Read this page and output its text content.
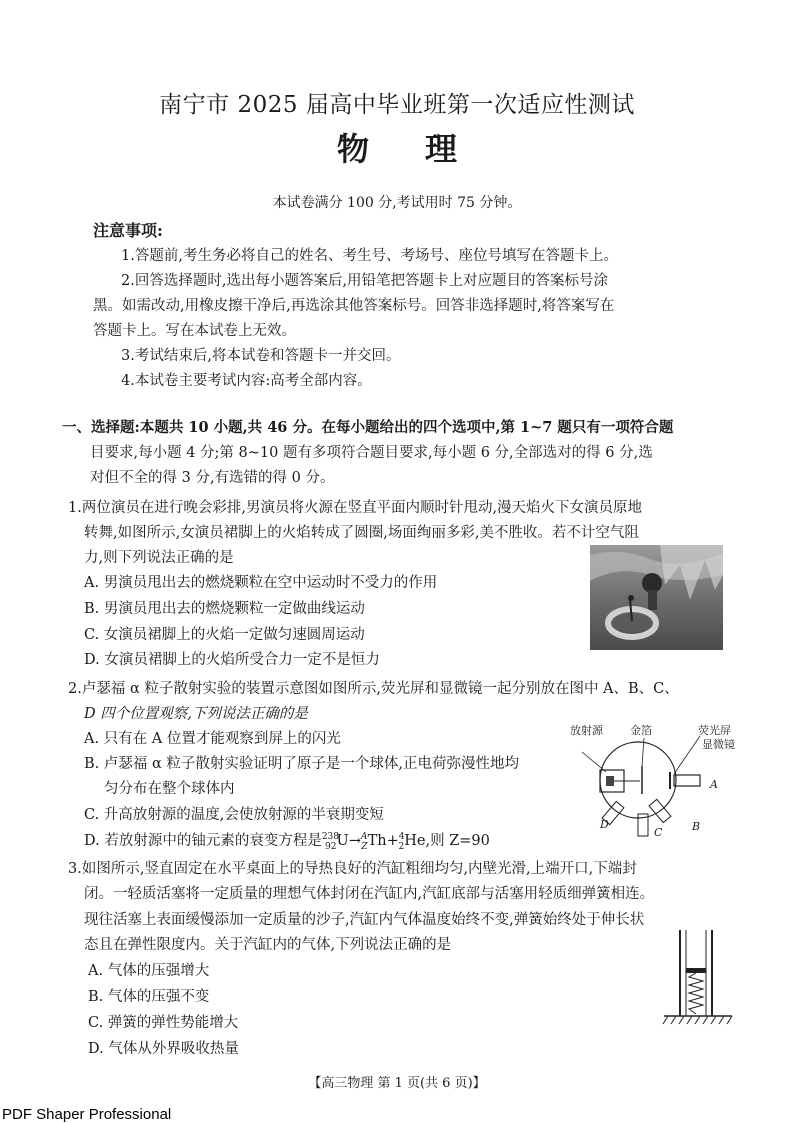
南宁市 2025 届高中毕业班第一次适应性测试
物理
本试卷满分 100 分,考试用时 75 分钟。
注意事项:
1.答题前,考生务必将自己的姓名、考生号、考场号、座位号填写在答题卡上。
2.回答选择题时,选出每小题答案后,用铅笔把答题卡上对应题目的答案标号涂
黑。如需改动,用橡皮擦干净后,再选涂其他答案标号。回答非选择题时,将答案写在
答题卡上。写在本试卷上无效。
3.考试结束后,将本试卷和答题卡一并交回。
4.本试卷主要考试内容:高考全部内容。
一、选择题:本题共 10 小题,共 46 分。在每小题给出的四个选项中,第 1~7 题只有一项符合题
目要求,每小题 4 分;第 8~10 题有多项符合题目要求,每小题 6 分,全部选对的得 6 分,选
对但不全的得 3 分,有选错的得 0 分。
1.两位演员在进行晚会彩排,男演员将火源在竖直平面内顺时针甩动,漫天焰火下女演员原地
转舞,如图所示,女演员裙脚上的火焰转成了圆圈,场面绚丽多彩,美不胜收。若不计空气阻
力,则下列说法正确的是
A. 男演员甩出去的燃烧颗粒在空中运动时不受力的作用
B. 男演员甩出去的燃烧颗粒一定做曲线运动
C. 女演员裙脚上的火焰一定做匀速圆周运动
D. 女演员裙脚上的火焰所受合力一定不是恒力
2.卢瑟福 α 粒子散射实验的装置示意图如图所示,荧光屏和显微镜一起分别放在图中 A、B、C、
D 四个位置观察,下列说法正确的是
A. 只有在 A 位置才能观察到屏上的闪光
B. 卢瑟福 α 粒子散射实验证明了原子是一个球体,正电荷弥漫性地均
匀分布在整个球体内
C. 升高放射源的温度,会使放射源的半衰期变短
D. 若放射源中的铀元素的衰变方程是$^{238}_{92}$U→$^A_Z$Th+$^4_2$He,则 Z=90
放射源 金箔	荧光屏
显微镜
A
B
C
D
3.如图所示,竖直固定在水平桌面上的导热良好的汽缸粗细均匀,内壁光滑,上端开口,下端封
闭。一轻质活塞将一定质量的理想气体封闭在汽缸内,汽缸底部与活塞用轻质细弹簧相连。
现往活塞上表面缓慢添加一定质量的沙子,汽缸内气体温度始终不变,弹簧始终处于伸长状
态且在弹性限度内。关于汽缸内的气体,下列说法正确的是
A. 气体的压强增大
B. 气体的压强不变
C. 弹簧的弹性势能增大
D. 气体从外界吸收热量
【高三物理 第 1 页(共 6 页)】
PDF Shaper Professional
